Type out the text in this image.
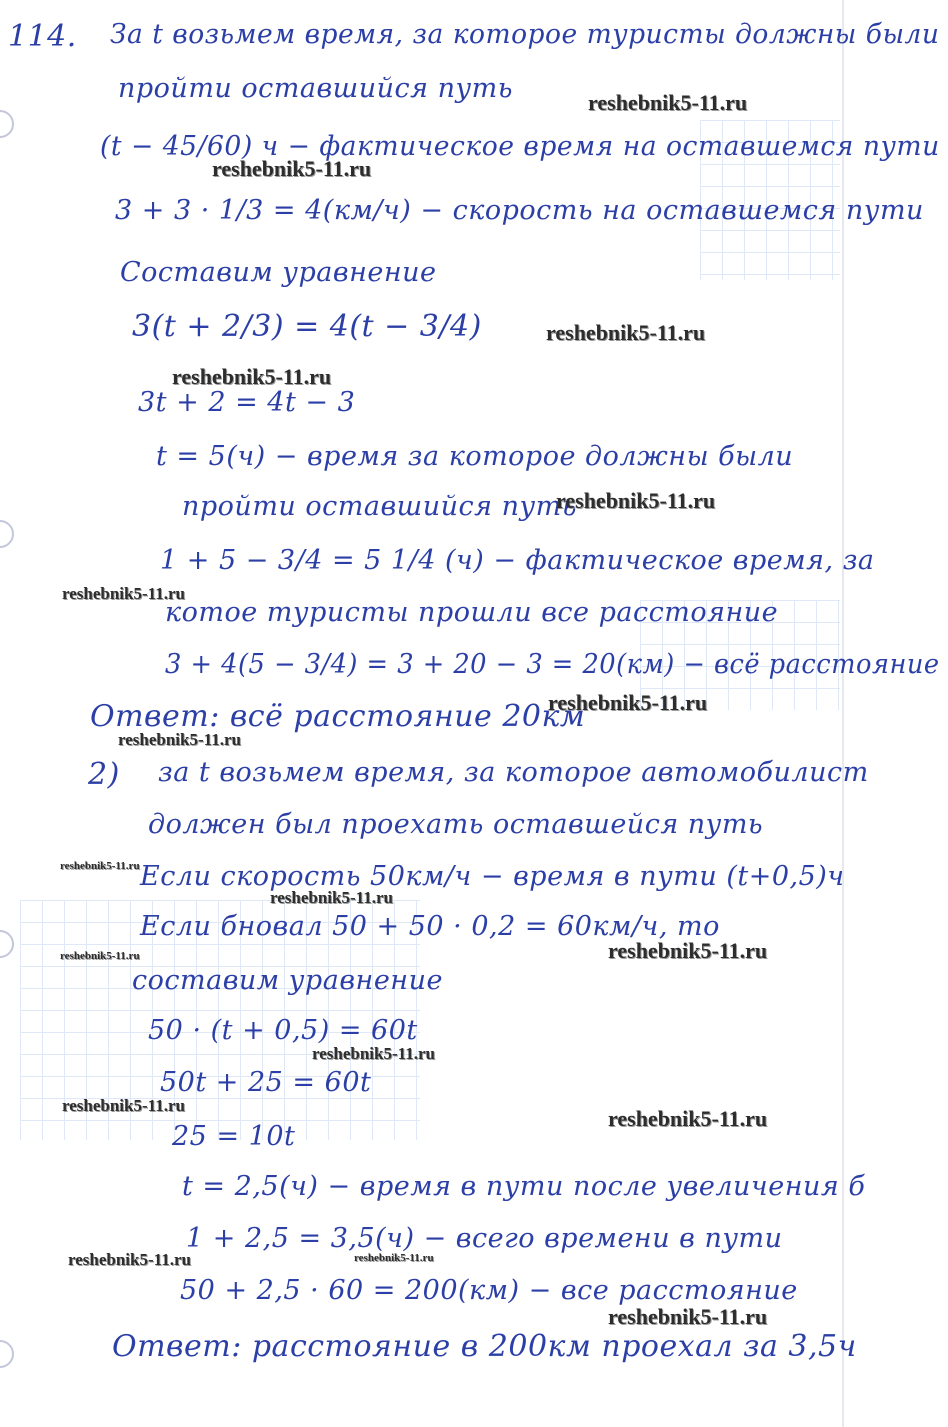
114. За t возьмем время, за которое туристы должны были
пройти оставшийся путь
(t − 45/60) ч − фактическое время на оставшемся пути
3 + 3 · 1/3 = 4(км/ч) − скорость на оставшемся пути
Составим уравнение
3(t + 2/3) = 4(t − 3/4)
3t + 2 = 4t − 3
t = 5(ч) − время за которое должны были
пройти оставшийся путь
1 + 5 − 3/4 = 5 1/4 (ч) − фактическое время, за
котое туристы прошли все расстояние
3 + 4(5 − 3/4) = 3 + 20 − 3 = 20(км) − всё расстояние
Ответ: всё расстояние 20км
2) за t возьмем время, за которое автомобилист
должен был проехать оставшейся путь
Если скорость 50км/ч − время в пути (t+0,5)ч
Если бновал 50 + 50 · 0,2 = 60км/ч, то
составим уравнение
50 · (t + 0,5) = 60t
50t + 25 = 60t
25 = 10t
t = 2,5(ч) − время в пути после увеличения б
1 + 2,5 = 3,5(ч) − всего времени в пути
50 + 2,5 · 60 = 200(км) − все расстояние
Ответ: расстояние в 200км проехал за 3,5ч
reshebnik5-11.ru
reshebnik5-11.ru
reshebnik5-11.ru
reshebnik5-11.ru
reshebnik5-11.ru
reshebnik5-11.ru
reshebnik5-11.ru
reshebnik5-11.ru
reshebnik5-11.ru
reshebnik5-11.ru
reshebnik5-11.ru
reshebnik5-11.ru
reshebnik5-11.ru
reshebnik5-11.ru
reshebnik5-11.ru
reshebnik5-11.ru	reshebnik5-11.ru
reshebnik5-11.ru
